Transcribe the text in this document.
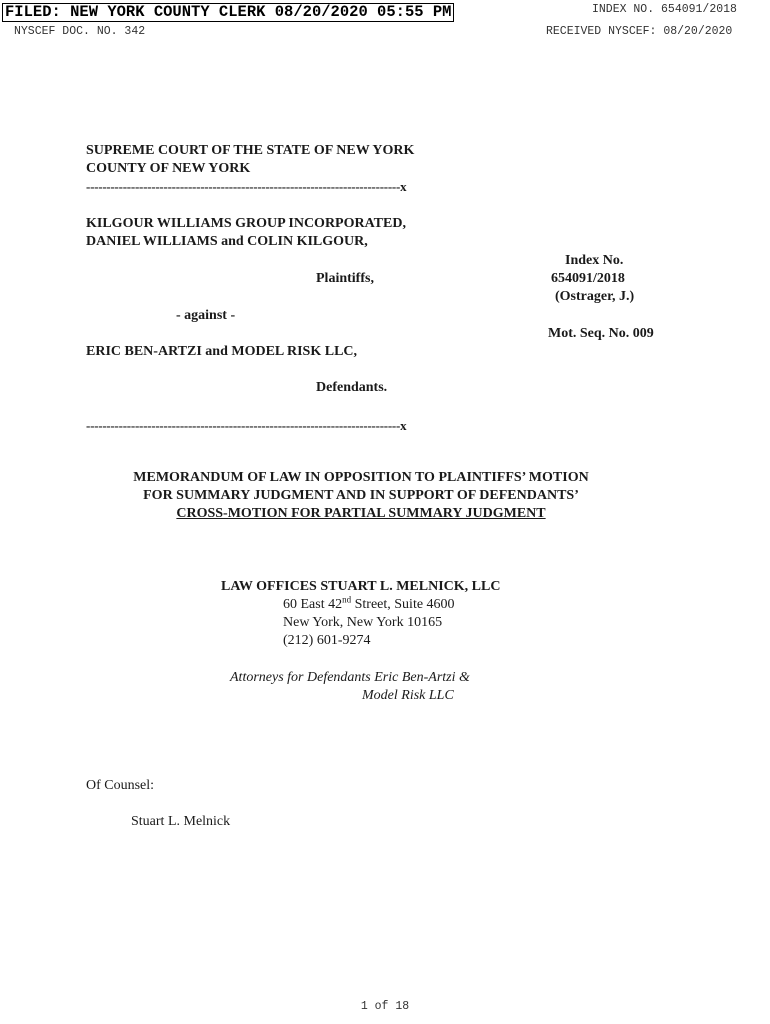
FILED: NEW YORK COUNTY CLERK 08/20/2020 05:55 PM	INDEX NO. 654091/2018
NYSCEF DOC. NO. 342	RECEIVED NYSCEF: 08/20/2020
SUPREME COURT OF THE STATE OF NEW YORK
COUNTY OF NEW YORK
-----------------------------------------------------------------------------x
KILGOUR WILLIAMS GROUP INCORPORATED,
DANIEL WILLIAMS and COLIN KILGOUR,
Plaintiffs,
Index No.
654091/2018
(Ostrager, J.)
Mot. Seq. No. 009
- against -
ERIC BEN-ARTZI and MODEL RISK LLC,
Defendants.
-----------------------------------------------------------------------------x
MEMORANDUM OF LAW IN OPPOSITION TO PLAINTIFFS’ MOTION
FOR SUMMARY JUDGMENT AND IN SUPPORT OF DEFENDANTS’
CROSS-MOTION FOR PARTIAL SUMMARY JUDGMENT
LAW OFFICES STUART L. MELNICK, LLC
60 East 42nd Street, Suite 4600
New York, New York 10165
(212) 601-9274
Attorneys for Defendants Eric Ben-Artzi &
Model Risk LLC
Of Counsel:
Stuart L. Melnick
1 of 18
